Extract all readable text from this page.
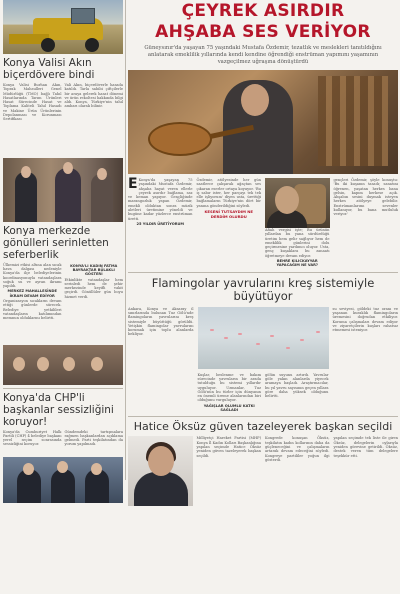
Konya Valisi Akın biçerdövere bindi
Konya Valisi Burhan Akın, Toprak Mahsulleri Genel Müdürlüğü (TMO) bağlı Tahıl Hasatlarında Tarım Ürünleri Hasat Sürecinde Hasat ve Toplama Kaliteli Tahıl Hasadı ve Makine Ürün Ürünlerinin Depolanması ve Korunması Sertifikası
Vali Akın, biçerdöverle hasada katıldı. Tarla sahibi çiftçilerle bir araya gelerek hasat dönemi ve ürün rekoltesi hakkında bilgi aldı. Konya, Türkiye'nin tahıl ambarı olarak bilinir.
Konya merkezde gönülleri serinletten seferberlik
Ülkemizi etkisi altına alan sıcak hava dalgası nedeniyle Konya'da ilçe belediyelerinin koordinasyonuyla vatandaşlara soğuk su ve ayran ikramı yapıldı.
MERKEZ MAHALLESİNDE İKRAM DEVAM EDİYOR
Organizasyon sıcakların devam ettiği günlerde sürecek. Belediye yetkilileri vatandaşların katılımından memnun olduklarını belirtti.
KONYA'LI KADIN FATMA BAYRAKTAR BÜLAKLI GÖSTERİ
Etkinlikte vatandaşlar hem serinledi hem de şehir merkezinde keyifli vakit geçirdi. Gönüllüler gün boyu hizmet verdi.
Konya'da CHP'li başkanlar sessizliğini koruyor!
Konya'da Cumhuriyet Halk Partili (CHP) 4 belediye başkanı yerel seçim sonrasında sessizliğini koruyor.
Gündemdeki tartışmalara rağmen başkanlardan açıklama gelmedi. Parti teşkilatından da yorum yapılmadı.
ÇEYREK ASIRDIR
AHŞABA SES VERİYOR
Güneysınır'da yaşayan 75 yaşındaki Mustafa Özdemir, tezatlık ve meslekleri tanıtıldığını anlatarak emeklilik yıllarında kendi kendine öğrendiği enstrüman yapımını yaşamının vazgeçilmez uğraşına dönüştürdü
E Konya'da yaşayan 75 yaşındaki Mustafa Özdemir, ahşaba hayat veren ellerle çeyrek asırdır bağlama, saz ve keman yapıyor. Gençliğinde marangozluk yapan Özdemir, emekli olduktan sonra müzik aletleri üretimine yöneldi ve bugüne kadar yüzlerce enstrüman üretti.
25 YILDIR ÜRETİYORUM
Özdemir, atölyesinde her gün saatlerce çalışarak ağaçtan ses çıkaran eserler ortaya koyuyor. 'Bu iş sabır ister, her parçayı tek tek elle işliyorum' diyen usta, ürettiği bağlamaların Türkiye'nin dört bir yanına gönderildiğini söyledi.
KESENİ TUTSAYDIM NE DERDİM OLURDU
Afiah vergisi işte; Bu ürünün yıllardan bu yana sürdürdüğü üretim hem gelir sağlıyor hem de emeklilik günlerini dolu geçirmesine yardımcı oluyor. Usta, genç kuşaklara bu zanaatı öğretmeye devam ediyor.
BEHRE KILICKAYYAR YAPACAĞIM NE VAR?
gençleri Özdemir, şöyle konuştu: 'Bu iki kuşanın tasadı; sanatını öğrenen, yaşatan herkes bana gelsin, kapım herkese açık. Ahşabın sesini duymak isteyen herkes atölyeye gelebilir. Enstrümanlarımı sevenler kullanıyor, bu bana mutluluk veriyor.'
Flamingolar yavrularını kreş sistemiyle büyütüyor
Ankara, Konya ve Aksaray il sınırlarında bulunan Tuz Gölü'nde flamingoların yavrularını kreş sistemiyle büyüttüğü görüldü. Yetişkin flamingolar yavrularını korumak için toplu alanlarda bekliyor.
Kuşlar, beslenme ve bakım sürecinde yavruların bir arada tutulduğu bu sistemi yıllardır uyguluyor. Uzmanlar, Tuz Gölü'nün bu türler için dünyanın en önemli üreme alanlarından biri olduğunu vurguluyor.
YAĞIŞLAR OLUMLU KATKI SAĞLADI
gölün suyunu artırdı. Yavrular göle yakın alanlarda yiyecek aramaya başladı. Araştırmacılar, bu yıl yavru sayısının geçen yıllara göre daha yüksek olduğunu belirtti.
su seviyesi, göldeki tuz oranı ve yaşanan kuraklık flamingoların üremesini doğrudan etkiliyor. Koruma çalışmaları devam ediyor ve ziyaretçilerin kuşları rahatsız etmemesi isteniyor.
Hatice Öksüz güven tazeleyerek başkan seçildi
Milliyetçi Hareket Partisi (MHP) Konya İl Kadın Kolları Başkanlığına yapılan seçimde Hatice Öksüz yeniden güven tazeleyerek başkan seçildi.
Kongrede konuşan Öksüz, teşkilatın kadın kollarının daha da güçleneceğini ve çalışmaların artarak devam edeceğini söyledi. Kongreye partililer yoğun ilgi gösterdi.
yapılan seçimde tek liste ile giren Öksüz, delegelerin oylarıyla yeniden görevine getirildi. Öksüz, destek veren tüm delegelere teşekkür etti.
